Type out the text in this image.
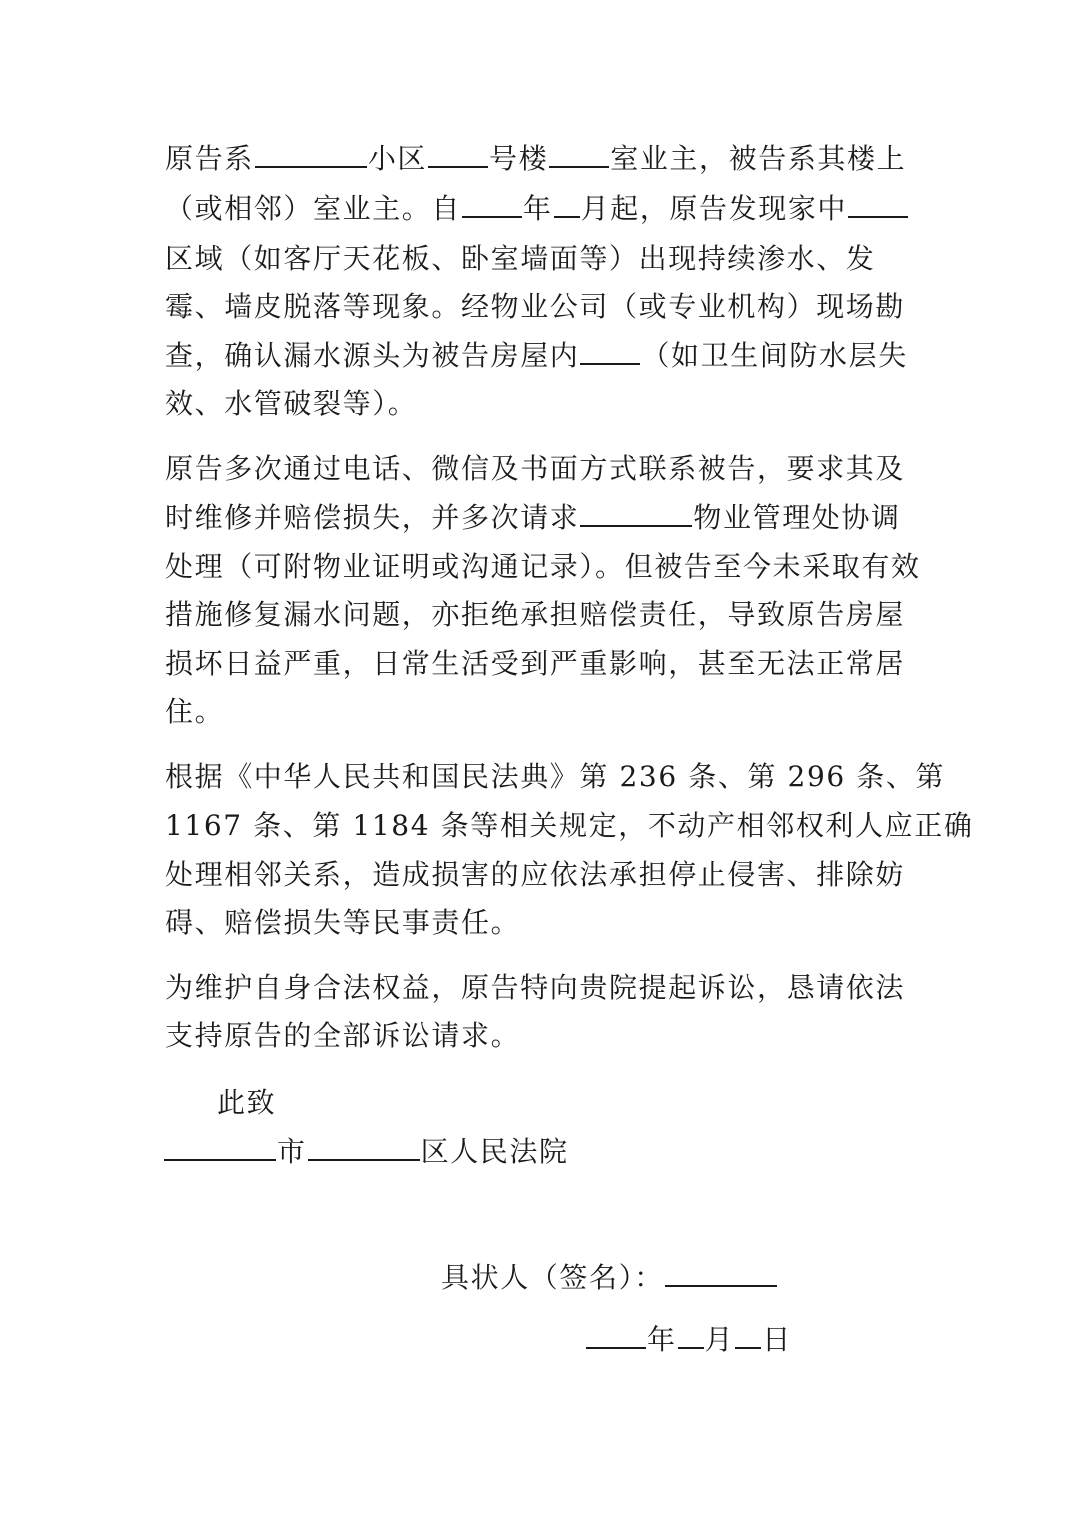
原告系	小区 号楼 室业主，被告系其楼上
（或相邻）室业主。自 年 月起，原告发现家中
区域（如客厅天花板、卧室墙面等）出现持续渗水、发
霉、墙皮脱落等现象。经物业公司（或专业机构）现场勘
查，确认漏水源头为被告房屋内 （如卫生间防水层失
效、水管破裂等）。
原告多次通过电话、微信及书面方式联系被告，要求其及
时维修并赔偿损失，并多次请求	物业管理处协调
处理（可附物业证明或沟通记录）。但被告至今未采取有效
措施修复漏水问题，亦拒绝承担赔偿责任，导致原告房屋
损坏日益严重，日常生活受到严重影响，甚至无法正常居
住。
根据《中华人民共和国民法典》第 236 条、第 296 条、第
1167 条、第 1184 条等相关规定，不动产相邻权利人应正确
处理相邻关系，造成损害的应依法承担停止侵害、排除妨
碍、赔偿损失等民事责任。
为维护自身合法权益，原告特向贵院提起诉讼，恳请依法
支持原告的全部诉讼请求。
此致
市	区人民法院
具状人（签名）：
年 月 日
